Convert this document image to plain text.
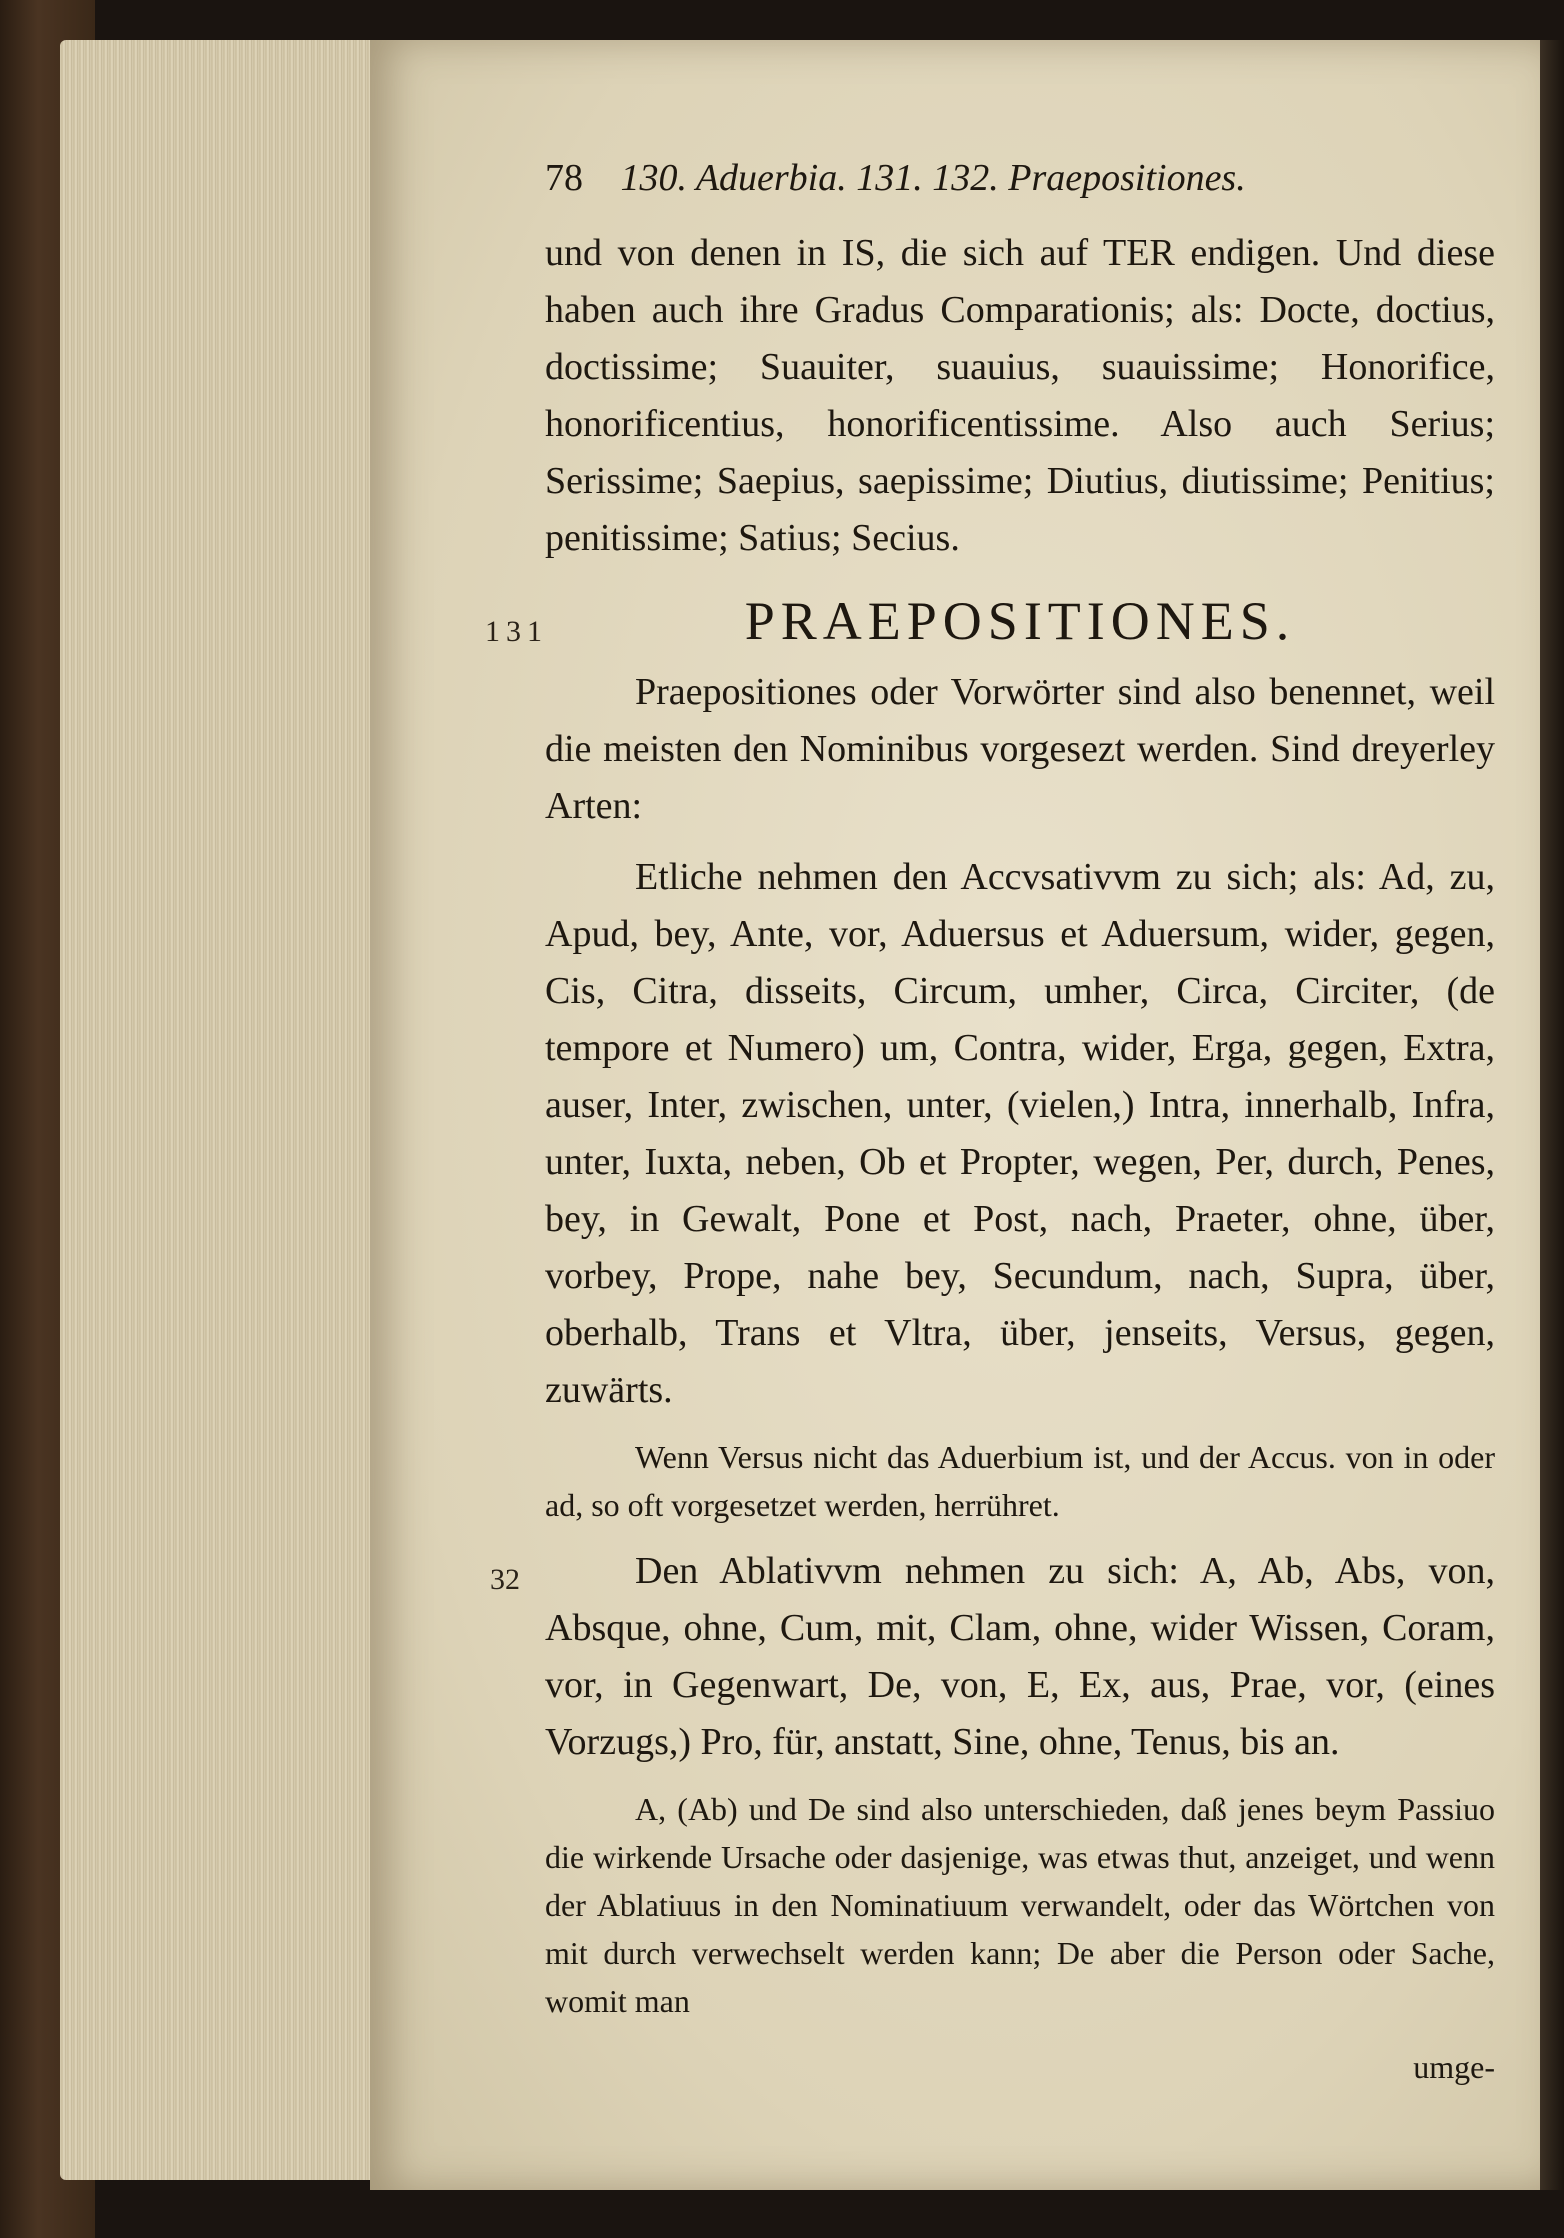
78 130. Aduerbia. 131. 132. Praepositiones.

und von denen in IS, die sich auf TER endigen. Und diese haben auch ihre Gradus Comparationis; als: Docte, doctius, doctissime; Suauiter, suauius, suauissime; Honorifice, honorificentius, honorificentissime. Also auch Serius; Serissime; Saepius, saepissime; Diutius, diutissime; Penitius; penitissime; Satius; Secius.

131	PRAEPOSITIONES.

Praepositiones oder Vorwörter sind also benennet, weil die meisten den Nominibus vorgesezt werden. Sind dreyerley Arten:

Etliche nehmen den Accvsativvm zu sich; als: Ad, zu, Apud, bey, Ante, vor, Aduersus et Aduersum, wider, gegen, Cis, Citra, disseits, Circum, umher, Circa, Circiter, (de tempore et Numero) um, Contra, wider, Erga, gegen, Extra, auser, Inter, zwischen, unter, (vielen,) Intra, innerhalb, Infra, unter, Iuxta, neben, Ob et Propter, wegen, Per, durch, Penes, bey, in Gewalt, Pone et Post, nach, Praeter, ohne, über, vorbey, Prope, nahe bey, Secundum, nach, Supra, über, oberhalb, Trans et Vltra, über, jenseits, Versus, gegen, zuwärts.

Wenn Versus nicht das Aduerbium ist, und der Accus. von in oder ad, so oft vorgesetzet werden, herrühret.

32	Den Ablativvm nehmen zu sich: A, Ab, Abs, von, Absque, ohne, Cum, mit, Clam, ohne, wider Wissen, Coram, vor, in Gegenwart, De, von, E, Ex, aus, Prae, vor, (eines Vorzugs,) Pro, für, anstatt, Sine, ohne, Tenus, bis an.

A, (Ab) und De sind also unterschieden, daß jenes beym Passiuo die wirkende Ursache oder dasjenige, was etwas thut, anzeiget, und wenn der Ablatiuus in den Nominatiuum verwandelt, oder das Wörtchen von mit durch verwechselt werden kann; De aber die Person oder Sache, womit man

umge-
